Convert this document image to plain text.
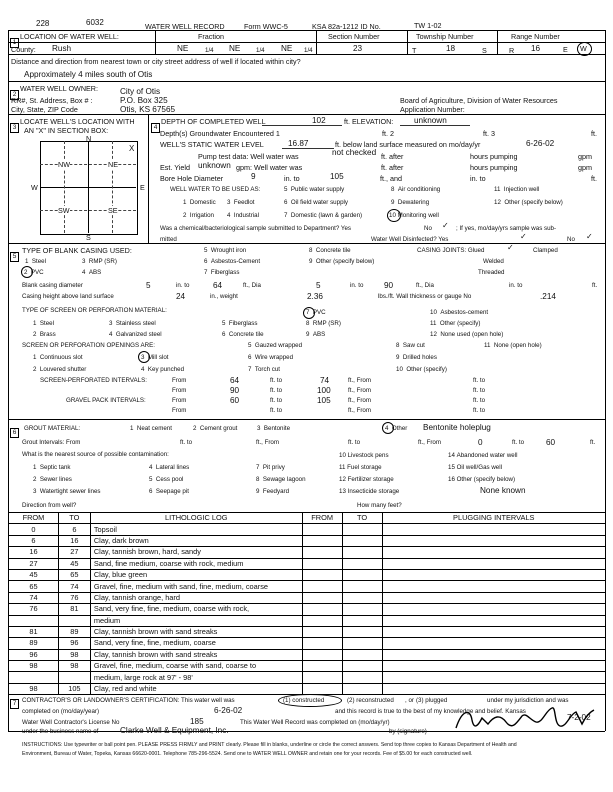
228	6032	WATER WELL RECORD	Form WWC-5	KSA 82a-1212 ID No.	TW 1-02
1
LOCATION OF WATER WELL:	Fraction	Section Number	Township Number	Range Number
County: Rush	NE	1/4 NE	1/4 NE 1/4	23	T	18	S	R 16	E W
Distance and direction from nearest town or city street address of well if located within city?
Approximately 4 miles south of Otis
2
WATER WELL OWNER:	City of Otis
RR#, St. Address, Box # :	P.O. Box 325
City, State, ZIP Code	Otis, KS 67565
Board of Agriculture, Division of Water Resources
Application Number:
3
LOCATE WELL'S LOCATION WITH
AN "X" IN SECTION BOX:
N
S
W	E
NW	NE
SW	SE
X
4
DEPTH OF COMPLETED WELL	102	ft. ELEVATION:	unknown
Depth(s) Groundwater Encountered 1	ft. 2	ft. 3	ft.
WELL'S STATIC WATER LEVEL	16.87	ft. below land surface measured on mo/day/yr	6-26-02
not checked
Pump test data: Well water was	ft. after	hours pumping	gpm
Est. Yield unknown gpm: Well water was	ft. after	hours pumping	gpm
Bore Hole Diameter	9	in. to	105	ft., and	in. to	ft.
WELL WATER TO BE USED AS:
1  Domestic
2  Irrigation
3  Feedlot
4  Industrial
5  Public water supply
6  Oil field water supply
7  Domestic (lawn & garden)
8  Air conditioning
9  Dewatering
10 Monitoring well
11  Injection well
12  Other (specify below)
Was a chemical/bacteriological sample submitted to Department? Yes	No ✓ ; If yes, mo/day/yrs sample was sub-
mitted	Water Well Disinfected? Yes	✓	No ✓
5
TYPE OF BLANK CASING USED:
1  Steel	3  RMP (SR)
2  PVC	4  ABS
5  Wrought iron
6  Asbestos-Cement
7  Fiberglass
8  Concrete tile
9  Other (specify below)
CASING JOINTS: Glued	✓	Clamped
Welded
Threaded
Blank casing diameter	5	in. to	64	ft., Dia	5	in. to	90	ft., Dia	in. to	ft.
Casing height above land surface	24	in., weight	2.36	lbs./ft. Wall thickness or gauge No	.214
TYPE OF SCREEN OR PERFORATION MATERIAL:
1  Steel
2  Brass
3  Stainless steel
4  Galvanized steel
5  Fiberglass
6  Concrete tile
7  PVC
8  RMP (SR)
9  ABS
10  Asbestos-cement
11  Other (specify)
12  None used (open hole)
SCREEN OR PERFORATION OPENINGS ARE:
1  Continuous slot
2  Louvered shutter
3  Mill slot
4  Key punched
5  Gauzed wrapped
6  Wire wrapped
7  Torch cut
8  Saw cut
9  Drilled holes
10  Other (specify)
11  None (open hole)
SCREEN-PERFORATED INTERVALS:	From	64	ft. to	74	ft., From	ft. to
From	90	ft. to	100	ft., From	ft. to
GRAVEL PACK INTERVALS:	From	60	ft. to	105	ft., From	ft. to
From	ft. to	ft., From	ft. to
6
GROUT MATERIAL:	1  Neat cement	2  Cement grout	3  Bentonite	4  Other Bentonite holeplug
Grout Intervals: From	ft. to	ft., From	ft. to	ft., From	0	ft. to	60	ft.
What is the nearest source of possible contamination:
1  Septic tank
2  Sewer lines
3  Watertight sewer lines
4  Lateral lines
5  Cess pool
6  Seepage pit
7  Pit privy
8  Sewage lagoon
9  Feedyard
10 Livestock pens
11 Fuel storage
12 Fertilizer storage
13 Insecticide storage
14 Abandoned water well
15 Oil well/Gas well
16 Other (specify below)
None known
Direction from well?	How many feet?
FROM	TO	LITHOLOGIC LOG	FROM	TO	PLUGGING INTERVALS
0	6	Topsoil			
6	16	Clay, dark brown			
16	27	Clay, tannish brown, hard, sandy			
27	45	Sand, fine medium, coarse with rock, medium			
45	65	Clay, blue green			
65	74	Gravel, fine, medium with sand, fine, medium, coarse			
74	76	Clay, tannish orange, hard			
76	81	Sand, very fine, fine, medium, coarse with rock,			
		medium			
81	89	Clay, tannish brown with sand streaks			
89	96	Sand, very fine, fine, medium, coarse			
96	98	Clay, tannish brown with sand streaks			
98	98	Gravel, fine, medium, coarse with sand, coarse to			
		medium, large rock at 97' - 98'			
98	105	Clay, red and white			
7 CONTRACTOR'S OR LANDOWNER'S CERTIFICATION: This water well was	(1) constructed	(2) reconstructed , or (3) plugged	under my jurisdiction and was
completed on (mo/day/year)	6-26-02	and this record is true to the best of my knowledge and belief. Kansas
Water Well Contractor's License No	185	This Water Well Record was completed on (mo/day/yr)
7-2-02
under the business name of	Clarke Well & Equipment, Inc.	by (signature)
INSTRUCTIONS: Use typewriter or ball point pen. PLEASE PRESS FIRMLY and PRINT clearly. Please fill in blanks, underline or circle the correct answers. Send top three copies to Kansas Department of Health and
Environment, Bureau of Water, Topeka, Kansas 66620-0001. Telephone 785-296-5524. Send one to WATER WELL OWNER and retain one for your records. Fee of $5.00 for each constructed well.
